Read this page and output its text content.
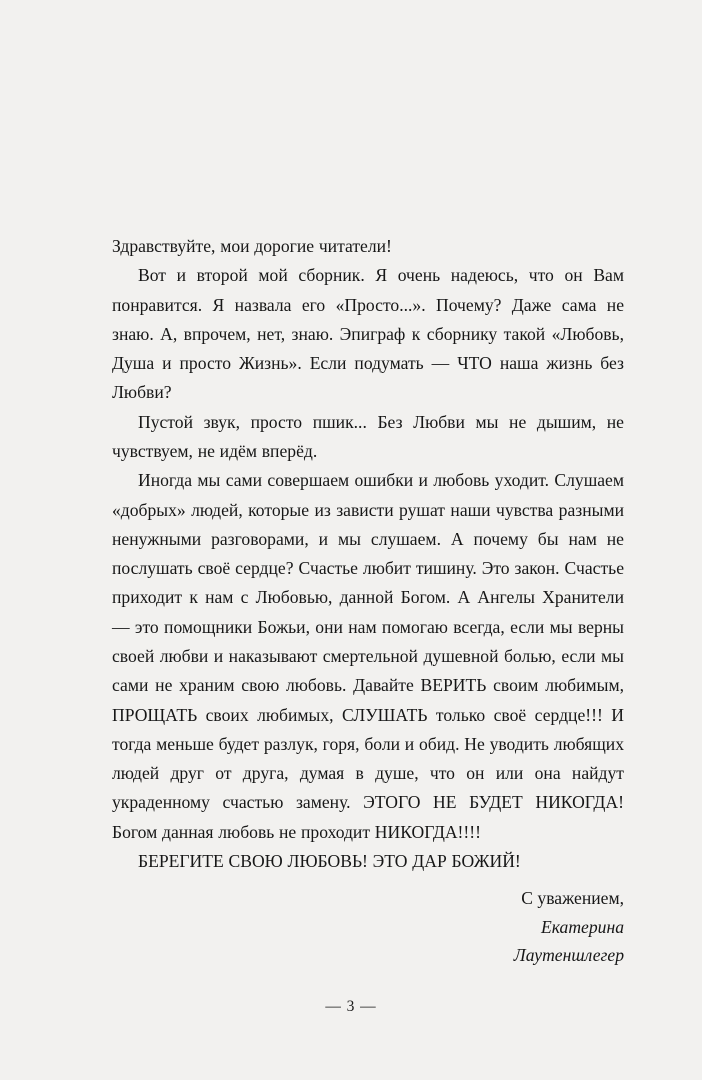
Здравствуйте, мои дорогие читатели!

Вот и второй мой сборник. Я очень надеюсь, что он Вам понравится. Я назвала его «Просто...». Почему? Даже сама не знаю. А, впрочем, нет, знаю. Эпиграф к сборнику такой «Любовь, Душа и просто Жизнь». Если подумать — ЧТО наша жизнь без Любви?

Пустой звук, просто пшик... Без Любви мы не дышим, не чувствуем, не идём вперёд.

Иногда мы сами совершаем ошибки и любовь уходит. Слушаем «добрых» людей, которые из зависти рушат наши чувства разными ненужными разговорами, и мы слушаем. А почему бы нам не послушать своё сердце? Счастье любит тишину. Это закон. Счастье приходит к нам с Любовью, данной Богом. А Ангелы Хранители — это помощники Божьи, они нам помогаю всегда, если мы верны своей любви и наказывают смертельной душевной болью, если мы сами не храним свою любовь. Давайте ВЕРИТЬ своим любимым, ПРОЩАТЬ своих любимых, СЛУШАТЬ только своё сердце!!! И тогда меньше будет разлук, горя, боли и обид. Не уводить любящих людей друг от друга, думая в душе, что он или она найдут украденному счастью замену. ЭТОГО НЕ БУДЕТ НИКОГДА! Богом данная любовь не проходит НИКОГДА!!!!

БЕРЕГИТЕ СВОЮ ЛЮБОВЬ! ЭТО ДАР БОЖИЙ!

С уважением,
Екатерина
Лаутеншлегер
— 3 —
